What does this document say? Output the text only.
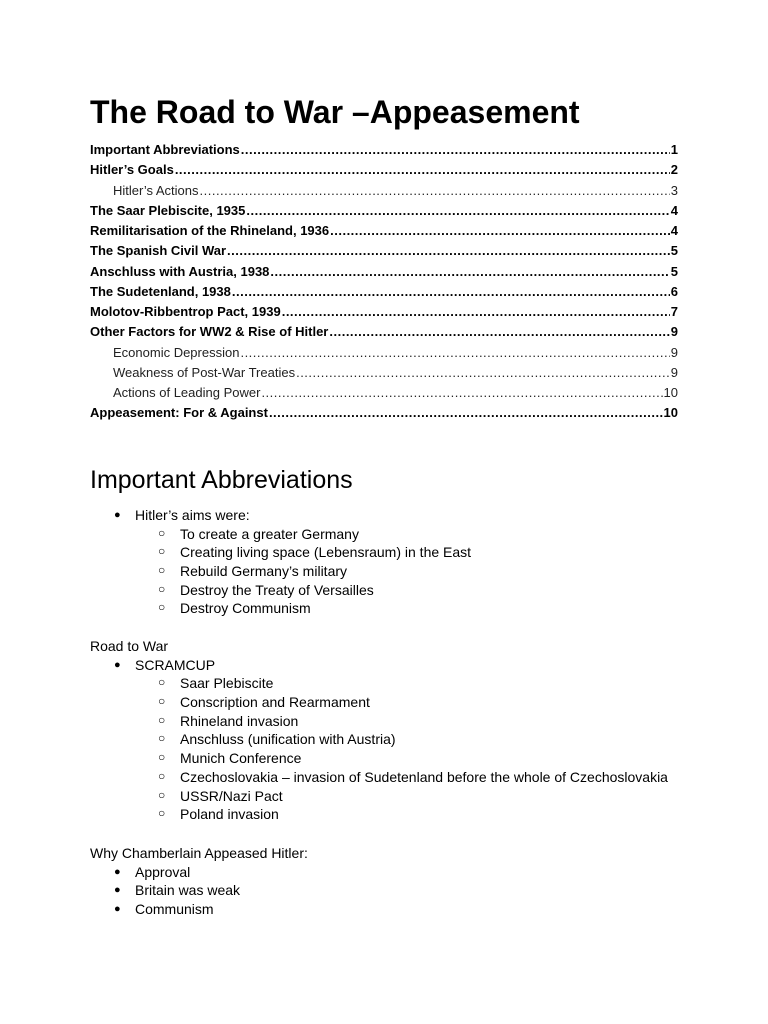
The Road to War –Appeasement
Important Abbreviations .....	1
Hitler’s Goals .....	2
Hitler’s Actions .....	3
The Saar Plebiscite, 1935 .....	4
Remilitarisation of the Rhineland, 1936 .....	4
The Spanish Civil War .....	5
Anschluss with Austria, 1938 .....	5
The Sudetenland, 1938 .....	6
Molotov-Ribbentrop Pact, 1939 .....	7
Other Factors for WW2 & Rise of Hitler .....	9
Economic Depression .....	9
Weakness of Post-War Treaties .....	9
Actions of Leading Power .....	10
Appeasement: For & Against .....	10
Important Abbreviations
● Hitler’s aims were:
○ To create a greater Germany
○ Creating living space (Lebensraum) in the East
○ Rebuild Germany’s military
○ Destroy the Treaty of Versailles
○ Destroy Communism
Road to War
● SCRAMCUP
○ Saar Plebiscite
○ Conscription and Rearmament
○ Rhineland invasion
○ Anschluss (unification with Austria)
○ Munich Conference
○ Czechoslovakia – invasion of Sudetenland before the whole of Czechoslovakia
○ USSR/Nazi Pact
○ Poland invasion
Why Chamberlain Appeased Hitler:
● Approval
● Britain was weak
● Communism
